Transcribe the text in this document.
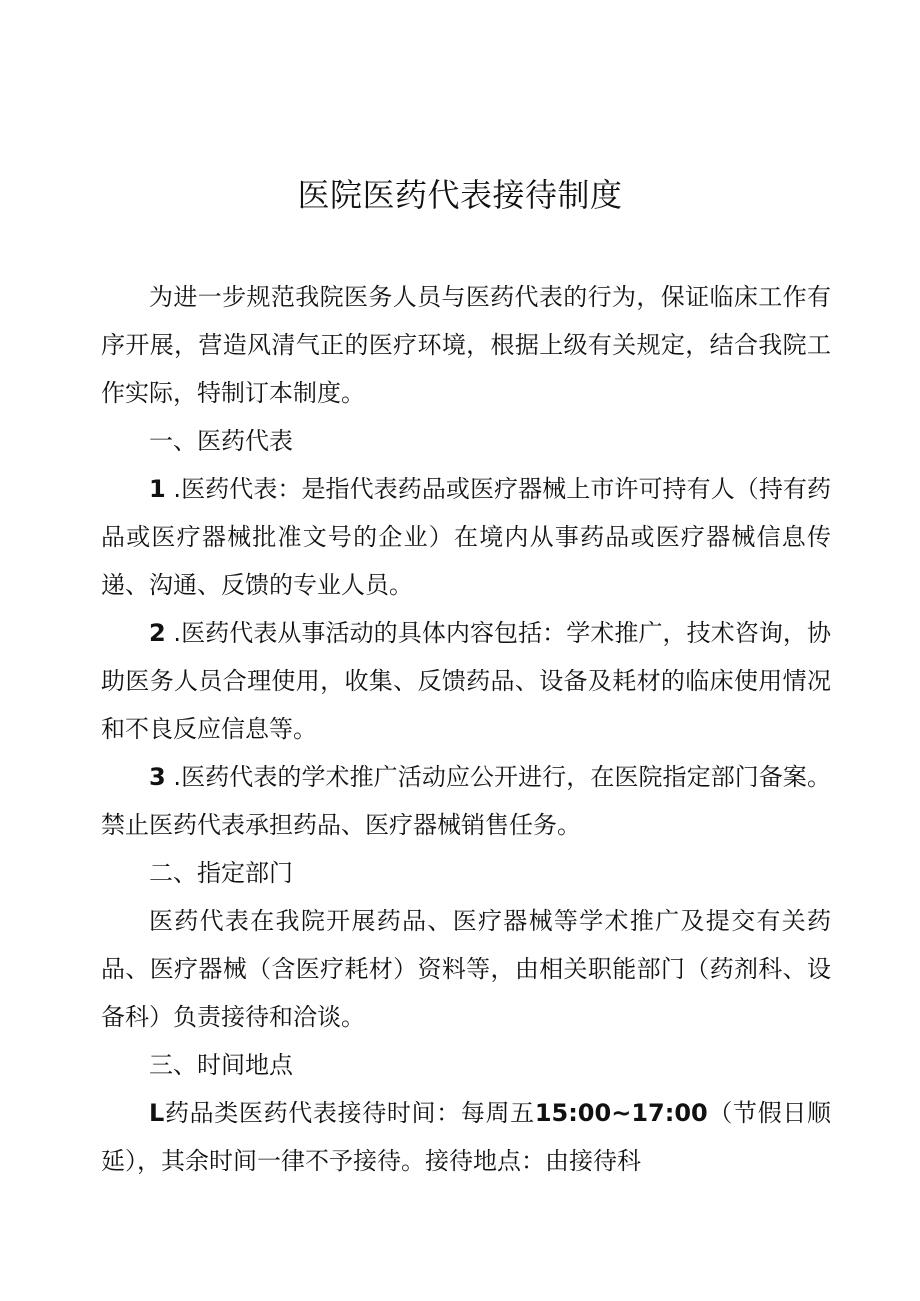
医院医药代表接待制度

为进一步规范我院医务人员与医药代表的行为，保证临床工作有序开展，营造风清气正的医疗环境，根据上级有关规定，结合我院工作实际，特制订本制度。

一、医药代表

1 .医药代表：是指代表药品或医疗器械上市许可持有人（持有药品或医疗器械批准文号的企业）在境内从事药品或医疗器械信息传递、沟通、反馈的专业人员。

2 .医药代表从事活动的具体内容包括：学术推广，技术咨询，协助医务人员合理使用，收集、反馈药品、设备及耗材的临床使用情况和不良反应信息等。

3 .医药代表的学术推广活动应公开进行，在医院指定部门备案。禁止医药代表承担药品、医疗器械销售任务。

二、指定部门

医药代表在我院开展药品、医疗器械等学术推广及提交有关药品、医疗器械（含医疗耗材）资料等，由相关职能部门（药剂科、设备科）负责接待和洽谈。

三、时间地点

L药品类医药代表接待时间：每周五15:00~17:00（节假日顺延），其余时间一律不予接待。接待地点：由接待科
